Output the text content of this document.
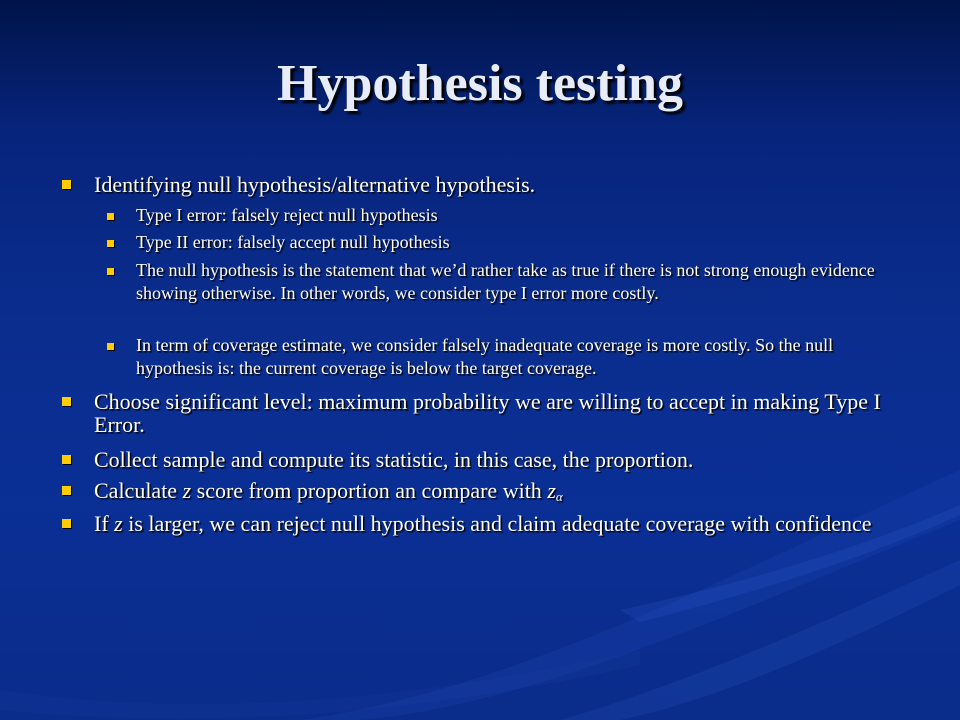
Hypothesis testing
Identifying null hypothesis/alternative hypothesis.
Type I error: falsely reject null hypothesis
Type II error: falsely accept null hypothesis
The null hypothesis is the statement that we’d rather take as true if there is not strong enough evidence showing otherwise. In other words, we consider type I error more costly.
In term of coverage estimate, we consider falsely inadequate coverage is more costly. So the null hypothesis is: the current coverage is below the target coverage.
Choose significant level: maximum probability we are willing to accept in making Type I Error.
Collect sample and compute its statistic, in this case, the proportion.
Calculate z score from proportion an compare with $z_\alpha$
If z is larger, we can reject null hypothesis and claim adequate coverage with confidence
